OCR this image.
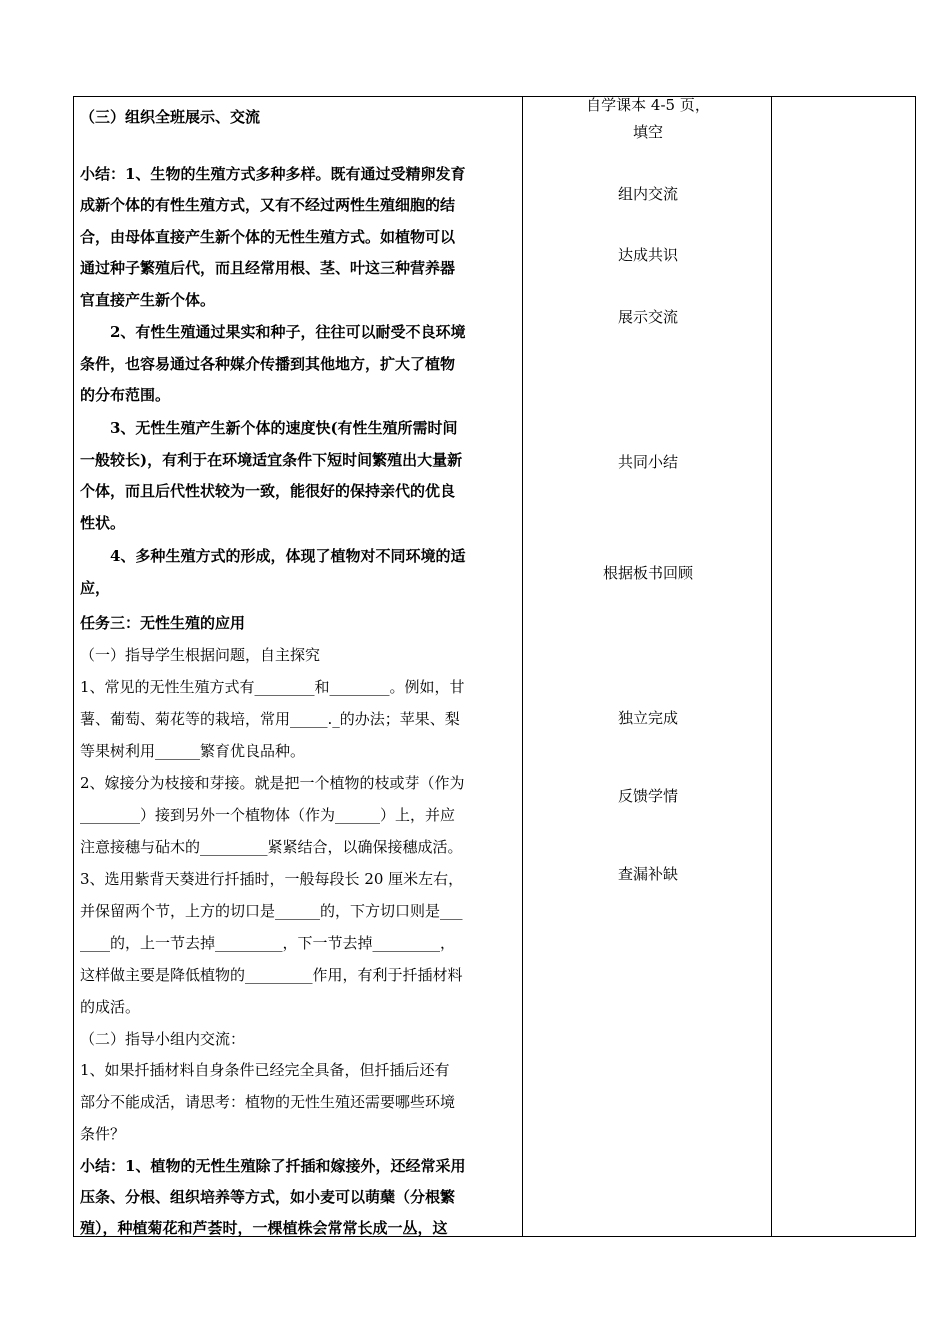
（三）组织全班展示、交流
小结：1、生物的生殖方式多种多样。既有通过受精卵发育
成新个体的有性生殖方式，又有不经过两性生殖细胞的结
合，由母体直接产生新个体的无性生殖方式。如植物可以
通过种子繁殖后代，而且经常用根、茎、叶这三种营养器
官直接产生新个体。
　　2、有性生殖通过果实和种子，往往可以耐受不良环境
条件，也容易通过各种媒介传播到其他地方，扩大了植物
的分布范围。
　　3、无性生殖产生新个体的速度快(有性生殖所需时间
一般较长)，有利于在环境适宜条件下短时间繁殖出大量新
个体，而且后代性状较为一致，能很好的保持亲代的优良
性状。
　　4、多种生殖方式的形成，体现了植物对不同环境的适
应，
任务三：无性生殖的应用
（一）指导学生根据问题，自主探究
1、常见的无性生殖方式有________和________。例如，甘
薯、葡萄、菊花等的栽培，常用_____._的办法；苹果、梨
等果树利用______繁育优良品种。
2、嫁接分为枝接和芽接。就是把一个植物的枝或芽（作为
________）接到另外一个植物体（作为______）上，并应
注意接穗与砧木的_________紧紧结合，以确保接穗成活。
3、选用紫背天葵进行扦插时，一般每段长 20 厘米左右，
并保留两个节，上方的切口是______的，下方切口则是___
____的，上一节去掉_________，下一节去掉_________，
这样做主要是降低植物的_________作用，有利于扦插材料
的成活。
（二）指导小组内交流：
1、如果扦插材料自身条件已经完全具备，但扦插后还有
部分不能成活，请思考：植物的无性生殖还需要哪些环境
条件？
小结：1、植物的无性生殖除了扦插和嫁接外，还经常采用
压条、分根、组织培养等方式，如小麦可以萌蘖（分根繁
殖），种植菊花和芦荟时，一棵植株会常常长成一丛，这
自学课本 4-5 页，
填空
组内交流
达成共识
展示交流
共同小结
根据板书回顾
独立完成
反馈学情
查漏补缺
